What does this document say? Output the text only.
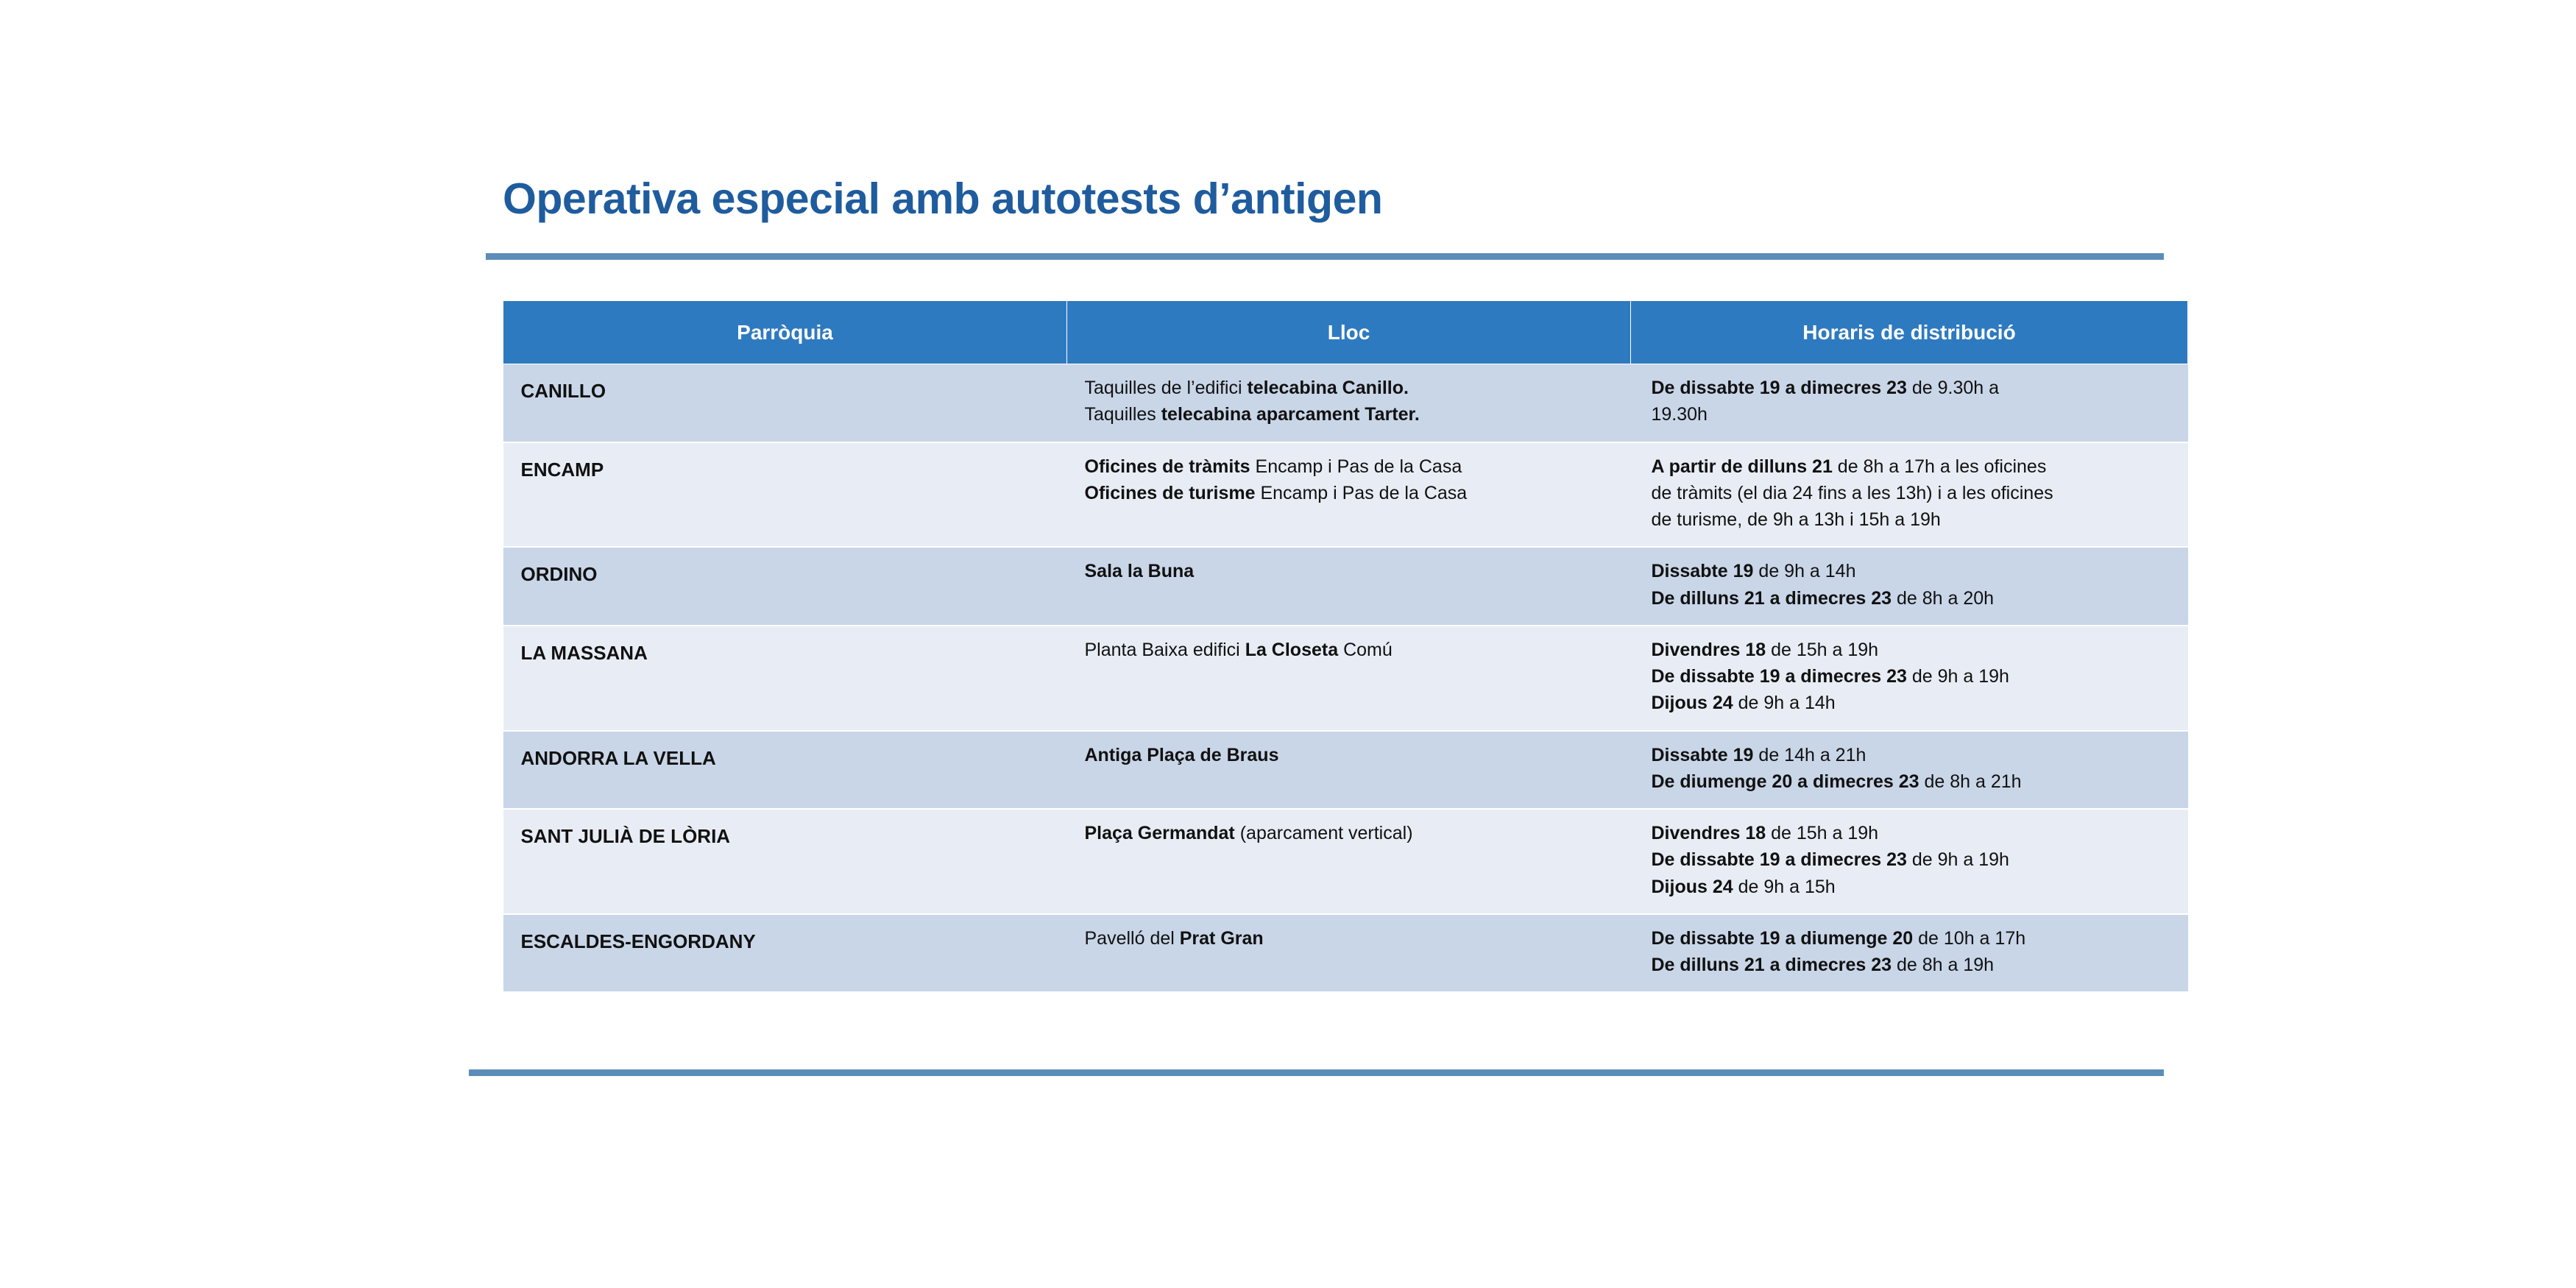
Operativa especial amb autotests d’antigen
Parròquia	Lloc	Horaris de distribució
CANILLO	Taquilles de l’edifici telecabina Canillo.
Taquilles telecabina aparcament Tarter.	De dissabte 19 a dimecres 23 de 9.30h a
19.30h

ENCAMP	Oficines de tràmits Encamp i Pas de la Casa
Oficines de turisme Encamp i Pas de la Casa	A partir de dilluns 21 de 8h a 17h a les oficines
de tràmits (el dia 24 fins a les 13h) i a les oficines
de turisme, de 9h a 13h i 15h a 19h

ORDINO	Sala la Buna	Dissabte 19 de 9h a 14h
De dilluns 21 a dimecres 23 de 8h a 20h

LA MASSANA	Planta Baixa edifici La Closeta Comú	Divendres 18 de 15h a 19h
De dissabte 19 a dimecres 23 de 9h a 19h
Dijous 24 de 9h a 14h

ANDORRA LA VELLA	Antiga Plaça de Braus	Dissabte 19 de 14h a 21h
De diumenge 20 a dimecres 23 de 8h a 21h

SANT JULIÀ DE LÒRIA	Plaça Germandat (aparcament vertical)	Divendres 18 de 15h a 19h
De dissabte 19 a dimecres 23 de 9h a 19h
Dijous 24 de 9h a 15h

ESCALDES-ENGORDANY	Pavelló del Prat Gran	De dissabte 19 a diumenge 20 de 10h a 17h
De dilluns 21 a dimecres 23 de 8h a 19h
